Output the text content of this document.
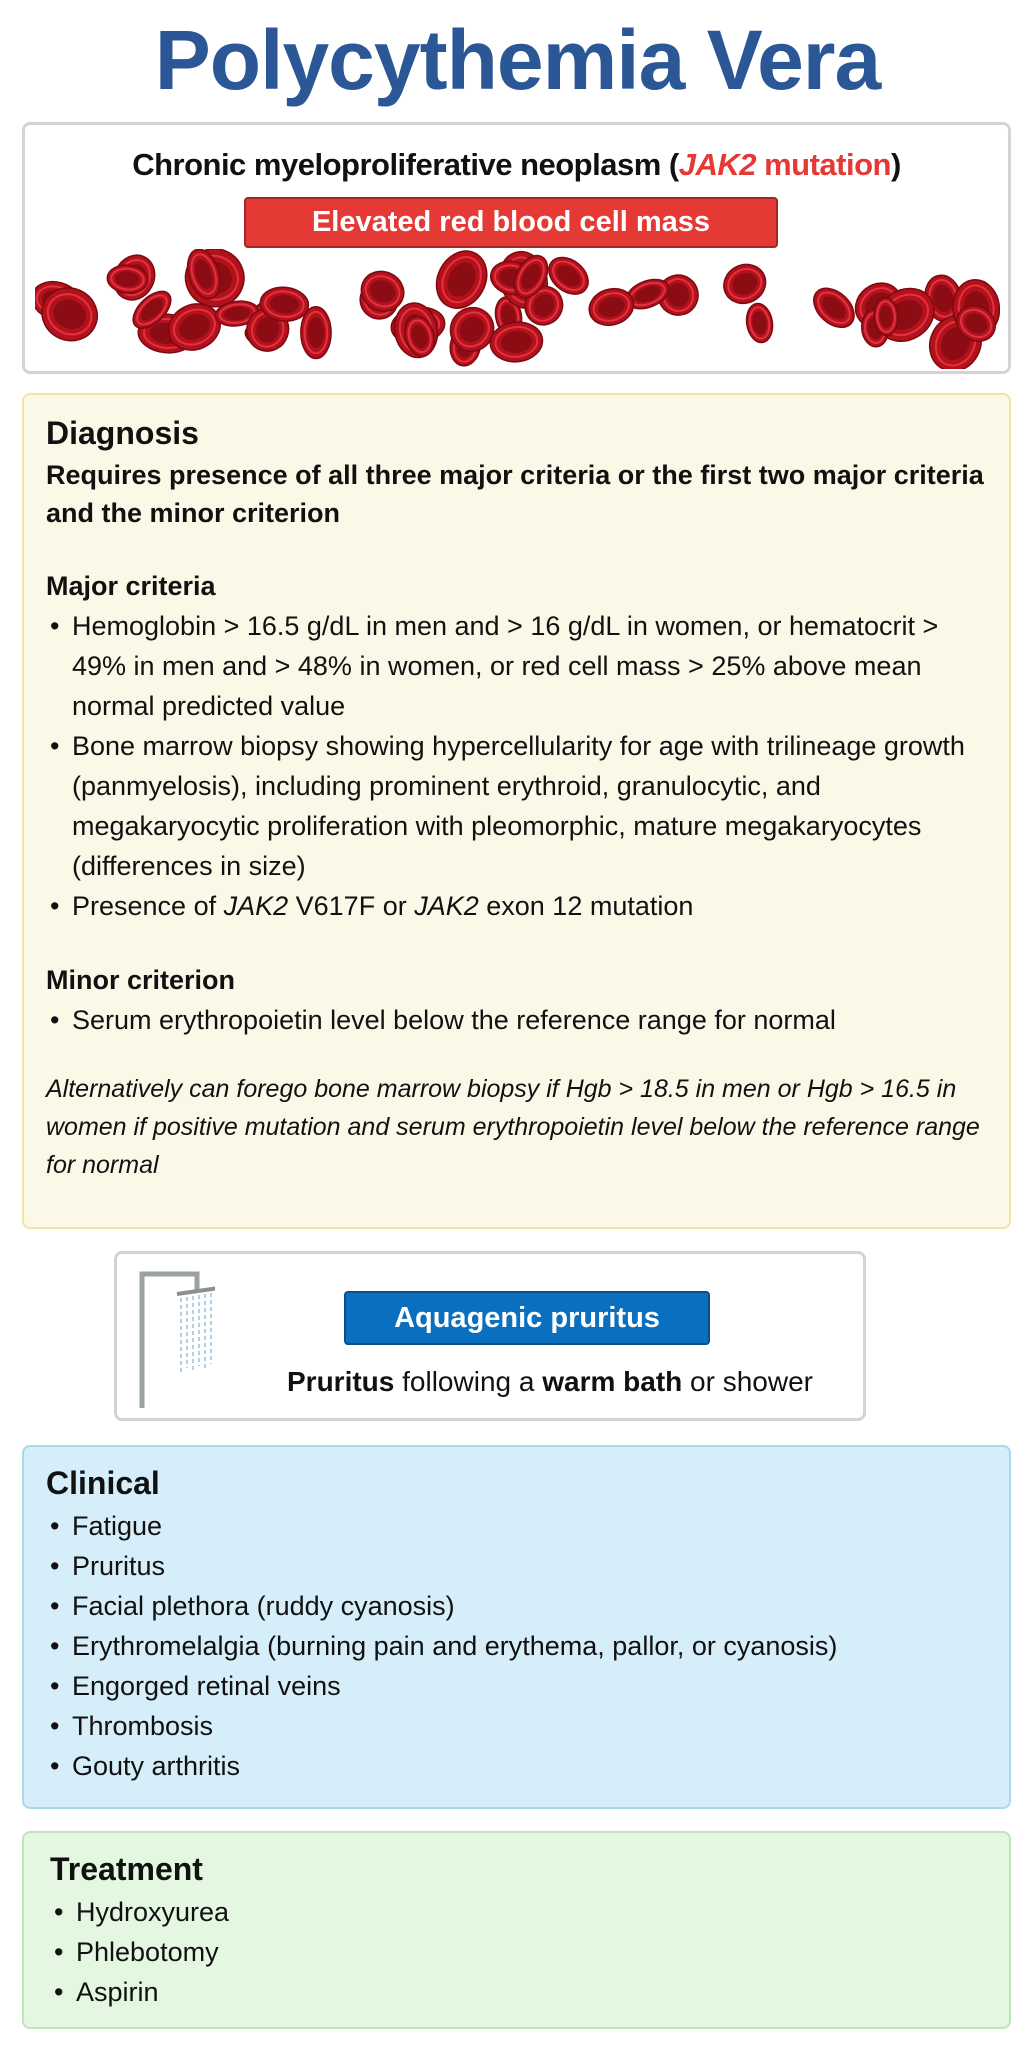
Polycythemia Vera
Chronic myeloproliferative neoplasm (JAK2 mutation)
Elevated red blood cell mass
Diagnosis
Requires presence of all three major criteria or the first two major criteria and the minor criterion
Major criteria
• Hemoglobin > 16.5 g/dL in men and > 16 g/dL in women, or hematocrit > 49% in men and > 48% in women, or red cell mass > 25% above mean normal predicted value
• Bone marrow biopsy showing hypercellularity for age with trilineage growth (panmyelosis), including prominent erythroid, granulocytic, and megakaryocytic proliferation with pleomorphic, mature megakaryocytes (differences in size)
• Presence of JAK2 V617F or JAK2 exon 12 mutation
Minor criterion
• Serum erythropoietin level below the reference range for normal
Alternatively can forego bone marrow biopsy if Hgb > 18.5 in men or Hgb > 16.5 in women if positive mutation and serum erythropoietin level below the reference range for normal
Aquagenic pruritus
Pruritus following a warm bath or shower
Clinical
• Fatigue
• Pruritus
• Facial plethora (ruddy cyanosis)
• Erythromelalgia (burning pain and erythema, pallor, or cyanosis)
• Engorged retinal veins
• Thrombosis
• Gouty arthritis
Treatment
• Hydroxyurea
• Phlebotomy
• Aspirin
